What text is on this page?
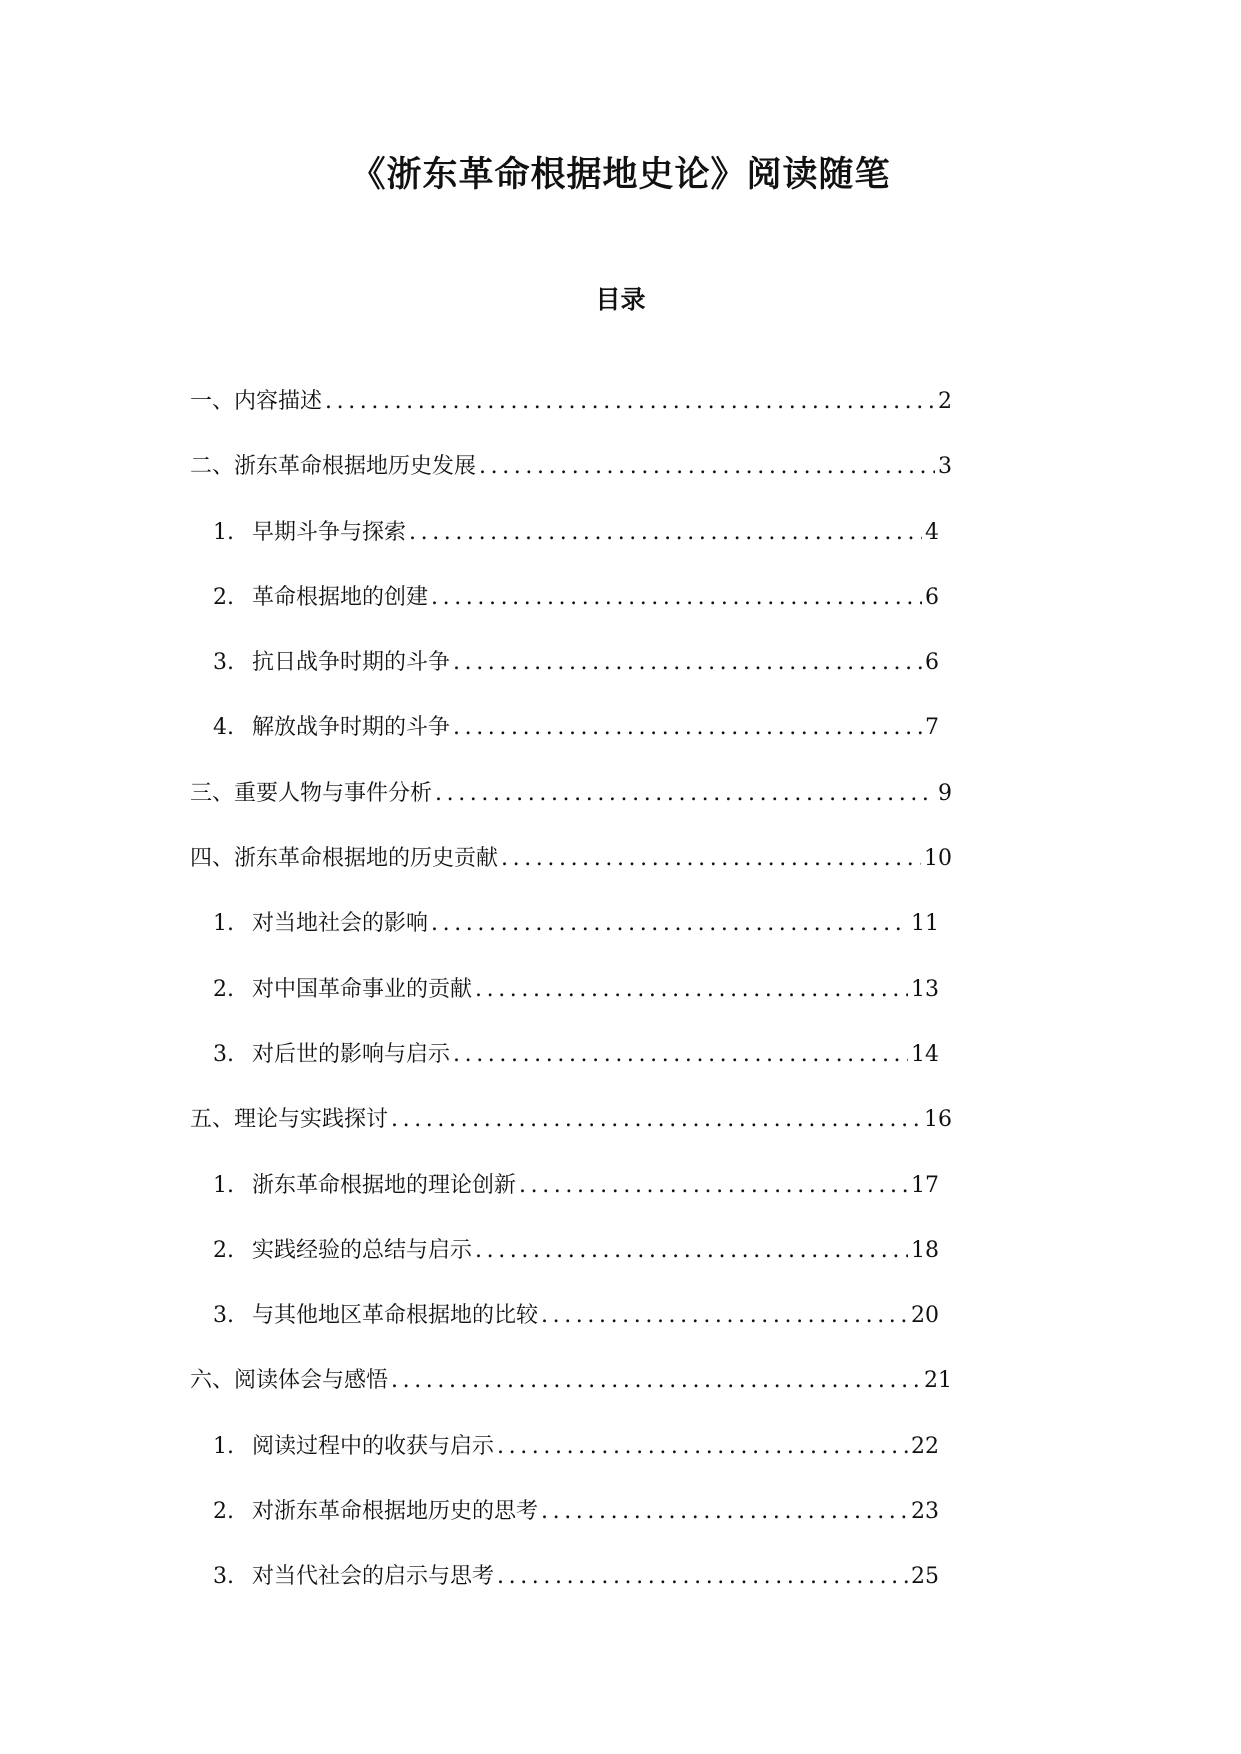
《浙东革命根据地史论》阅读随笔
目录
一、内容描述 .....	2
二、浙东革命根据地历史发展 .....	3
1. 早期斗争与探索 .....	4
2. 革命根据地的创建 .....	6
3. 抗日战争时期的斗争 .....	6
4. 解放战争时期的斗争 .....	7
三、重要人物与事件分析 .....	9
四、浙东革命根据地的历史贡献 .....	10
1. 对当地社会的影响 .....	11
2. 对中国革命事业的贡献 .....	13
3. 对后世的影响与启示 .....	14
五、理论与实践探讨 .....	16
1. 浙东革命根据地的理论创新 .....	17
2. 实践经验的总结与启示 .....	18
3. 与其他地区革命根据地的比较 .....	20
六、阅读体会与感悟 .....	21
1. 阅读过程中的收获与启示 .....	22
2. 对浙东革命根据地历史的思考 .....	23
3. 对当代社会的启示与思考 .....	25
